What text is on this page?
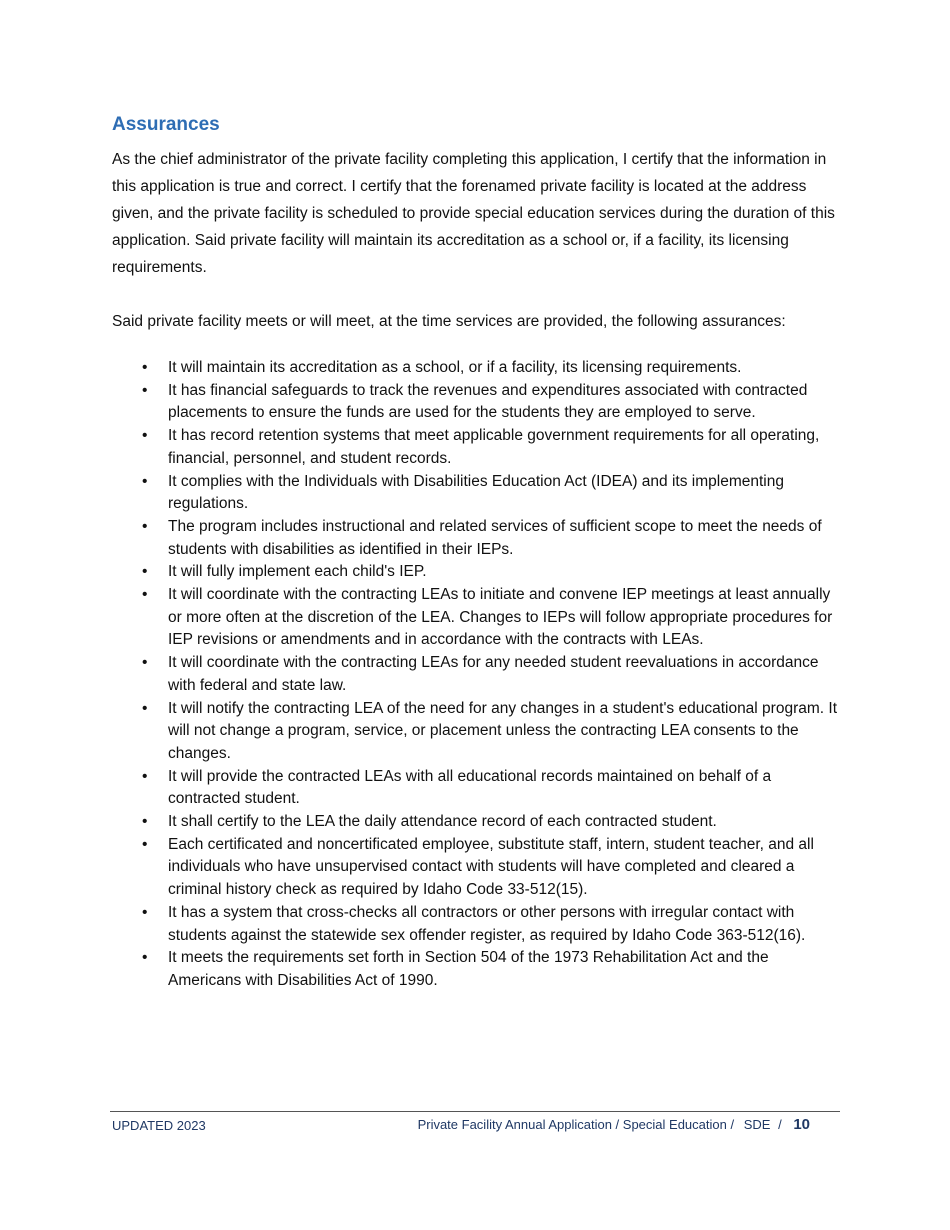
Assurances

As the chief administrator of the private facility completing this application, I certify that the information in this application is true and correct. I certify that the forenamed private facility is located at the address given, and the private facility is scheduled to provide special education services during the duration of this application. Said private facility will maintain its accreditation as a school or, if a facility, its licensing requirements.

Said private facility meets or will meet, at the time services are provided, the following assurances:

• It will maintain its accreditation as a school, or if a facility, its licensing requirements.
• It has financial safeguards to track the revenues and expenditures associated with contracted placements to ensure the funds are used for the students they are employed to serve.
• It has record retention systems that meet applicable government requirements for all operating, financial, personnel, and student records.
• It complies with the Individuals with Disabilities Education Act (IDEA) and its implementing regulations.
• The program includes instructional and related services of sufficient scope to meet the needs of students with disabilities as identified in their IEPs.
• It will fully implement each child's IEP.
• It will coordinate with the contracting LEAs to initiate and convene IEP meetings at least annually or more often at the discretion of the LEA. Changes to IEPs will follow appropriate procedures for IEP revisions or amendments and in accordance with the contracts with LEAs.
• It will coordinate with the contracting LEAs for any needed student reevaluations in accordance with federal and state law.
• It will notify the contracting LEA of the need for any changes in a student's educational program. It will not change a program, service, or placement unless the contracting LEA consents to the changes.
• It will provide the contracted LEAs with all educational records maintained on behalf of a contracted student.
• It shall certify to the LEA the daily attendance record of each contracted student.
• Each certificated and noncertificated employee, substitute staff, intern, student teacher, and all individuals who have unsupervised contact with students will have completed and cleared a criminal history check as required by Idaho Code 33-512(15).
• It has a system that cross-checks all contractors or other persons with irregular contact with students against the statewide sex offender register, as required by Idaho Code 363-512(16).
• It meets the requirements set forth in Section 504 of the 1973 Rehabilitation Act and the Americans with Disabilities Act of 1990.
UPDATED 2023	Private Facility Annual Application / Special Education / SDE / 10
